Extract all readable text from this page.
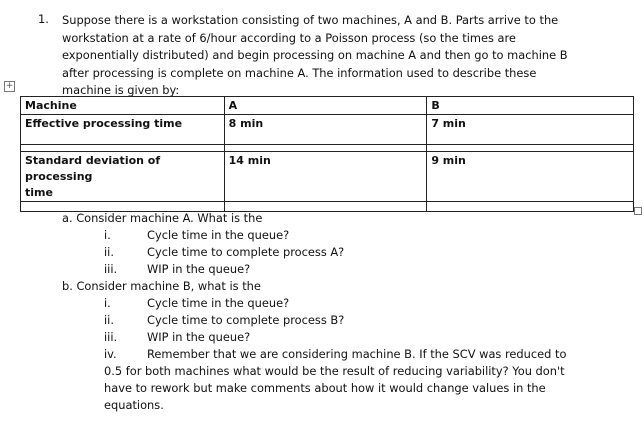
1. Suppose there is a workstation consisting of two machines, A and B. Parts arrive to the
workstation at a rate of 6/hour according to a Poisson process (so the times are
exponentially distributed) and begin processing on machine A and then go to machine B
after processing is complete on machine A. The information used to describe these
machine is given by:
+
Machine	A	B
Effective processing time	8 min	7 min

Standard deviation of processing
time	14 min	9 min

a. Consider machine A. What is the
i.	Cycle time in the queue?
ii.	Cycle time to complete process A?
iii.	WIP in the queue?
b. Consider machine B, what is the
i.	Cycle time in the queue?
ii.	Cycle time to complete process B?
iii.	WIP in the queue?
iv.	Remember that we are considering machine B. If the SCV was reduced to
0.5 for both machines what would be the result of reducing variability? You don't
have to rework but make comments about how it would change values in the
equations.
